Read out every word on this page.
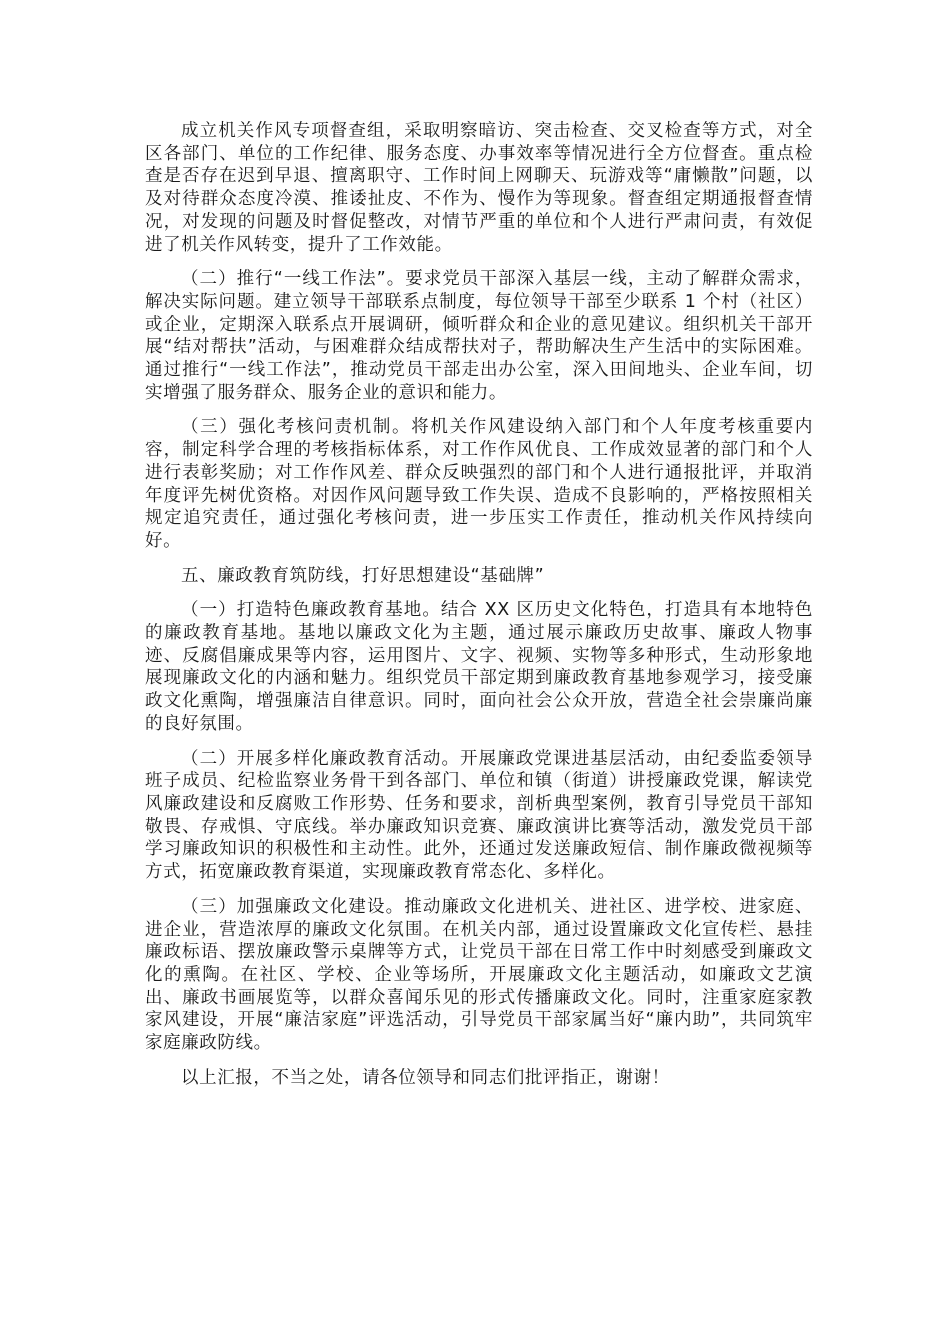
成立机关作风专项督查组，采取明察暗访、突击检查、交叉检查等方式，对全区各部门、单位的工作纪律、服务态度、办事效率等情况进行全方位督查。重点检查是否存在迟到早退、擅离职守、工作时间上网聊天、玩游戏等“庸懒散”问题，以及对待群众态度冷漠、推诿扯皮、不作为、慢作为等现象。督查组定期通报督查情况，对发现的问题及时督促整改，对情节严重的单位和个人进行严肃问责，有效促进了机关作风转变，提升了工作效能。

（二）推行“一线工作法”。要求党员干部深入基层一线，主动了解群众需求，解决实际问题。建立领导干部联系点制度，每位领导干部至少联系 1 个村（社区）或企业，定期深入联系点开展调研，倾听群众和企业的意见建议。组织机关干部开展“结对帮扶”活动，与困难群众结成帮扶对子，帮助解决生产生活中的实际困难。通过推行“一线工作法”，推动党员干部走出办公室，深入田间地头、企业车间，切实增强了服务群众、服务企业的意识和能力。

（三）强化考核问责机制。将机关作风建设纳入部门和个人年度考核重要内容，制定科学合理的考核指标体系，对工作作风优良、工作成效显著的部门和个人进行表彰奖励；对工作作风差、群众反映强烈的部门和个人进行通报批评，并取消年度评先树优资格。对因作风问题导致工作失误、造成不良影响的，严格按照相关规定追究责任，通过强化考核问责，进一步压实工作责任，推动机关作风持续向好。

五、廉政教育筑防线，打好思想建设“基础牌”

（一）打造特色廉政教育基地。结合 XX 区历史文化特色，打造具有本地特色的廉政教育基地。基地以廉政文化为主题，通过展示廉政历史故事、廉政人物事迹、反腐倡廉成果等内容，运用图片、文字、视频、实物等多种形式，生动形象地展现廉政文化的内涵和魅力。组织党员干部定期到廉政教育基地参观学习，接受廉政文化熏陶，增强廉洁自律意识。同时，面向社会公众开放，营造全社会崇廉尚廉的良好氛围。

（二）开展多样化廉政教育活动。开展廉政党课进基层活动，由纪委监委领导班子成员、纪检监察业务骨干到各部门、单位和镇（街道）讲授廉政党课，解读党风廉政建设和反腐败工作形势、任务和要求，剖析典型案例，教育引导党员干部知敬畏、存戒惧、守底线。举办廉政知识竞赛、廉政演讲比赛等活动，激发党员干部学习廉政知识的积极性和主动性。此外，还通过发送廉政短信、制作廉政微视频等方式，拓宽廉政教育渠道，实现廉政教育常态化、多样化。

（三）加强廉政文化建设。推动廉政文化进机关、进社区、进学校、进家庭、进企业，营造浓厚的廉政文化氛围。在机关内部，通过设置廉政文化宣传栏、悬挂廉政标语、摆放廉政警示桌牌等方式，让党员干部在日常工作中时刻感受到廉政文化的熏陶。在社区、学校、企业等场所，开展廉政文化主题活动，如廉政文艺演出、廉政书画展览等，以群众喜闻乐见的形式传播廉政文化。同时，注重家庭家教家风建设，开展“廉洁家庭”评选活动，引导党员干部家属当好“廉内助”，共同筑牢家庭廉政防线。

以上汇报，不当之处，请各位领导和同志们批评指正，谢谢！
